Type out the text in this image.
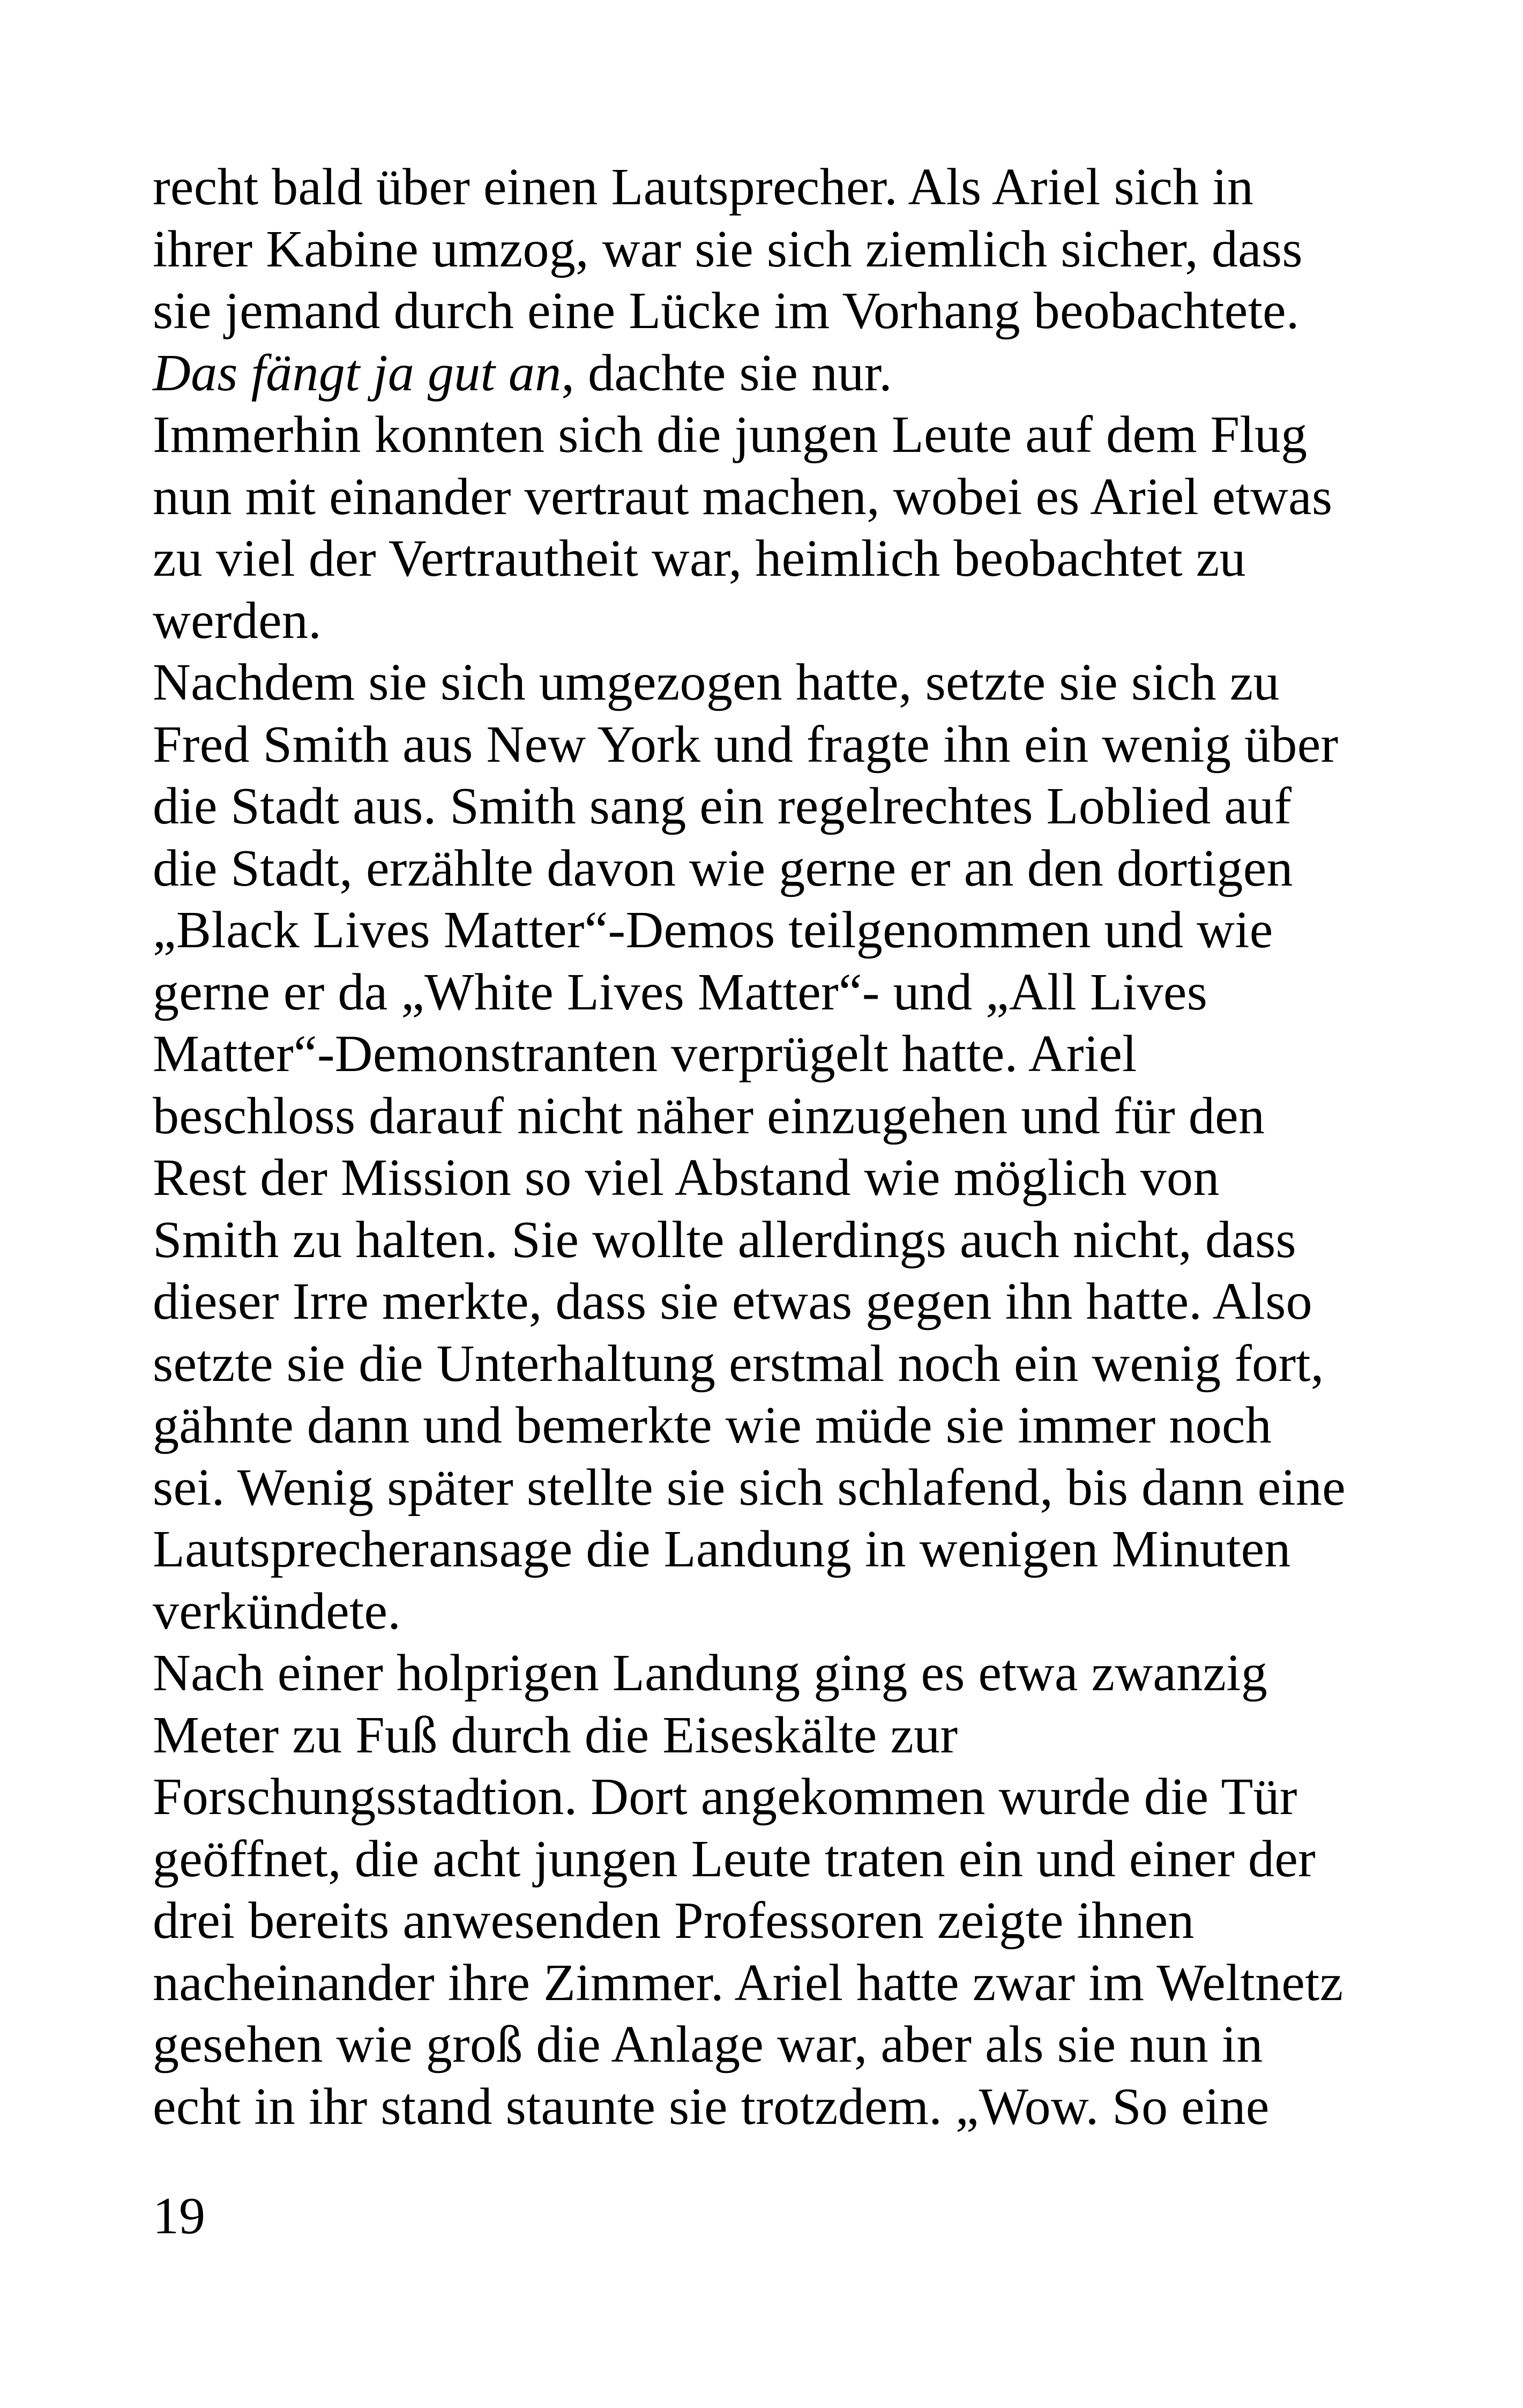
recht bald über einen Lautsprecher. Als Ariel sich in
ihrer Kabine umzog, war sie sich ziemlich sicher, dass
sie jemand durch eine Lücke im Vorhang beobachtete.
Das fängt ja gut an, dachte sie nur.
Immerhin konnten sich die jungen Leute auf dem Flug
nun mit einander vertraut machen, wobei es Ariel etwas
zu viel der Vertrautheit war, heimlich beobachtet zu
werden.
Nachdem sie sich umgezogen hatte, setzte sie sich zu
Fred Smith aus New York und fragte ihn ein wenig über
die Stadt aus. Smith sang ein regelrechtes Loblied auf
die Stadt, erzählte davon wie gerne er an den dortigen
„Black Lives Matter“-Demos teilgenommen und wie
gerne er da „White Lives Matter“- und „All Lives
Matter“-Demonstranten verprügelt hatte. Ariel
beschloss darauf nicht näher einzugehen und für den
Rest der Mission so viel Abstand wie möglich von
Smith zu halten. Sie wollte allerdings auch nicht, dass
dieser Irre merkte, dass sie etwas gegen ihn hatte. Also
setzte sie die Unterhaltung erstmal noch ein wenig fort,
gähnte dann und bemerkte wie müde sie immer noch
sei. Wenig später stellte sie sich schlafend, bis dann eine
Lautsprecheransage die Landung in wenigen Minuten
verkündete.
Nach einer holprigen Landung ging es etwa zwanzig
Meter zu Fuß durch die Eiseskälte zur
Forschungsstadtion. Dort angekommen wurde die Tür
geöffnet, die acht jungen Leute traten ein und einer der
drei bereits anwesenden Professoren zeigte ihnen
nacheinander ihre Zimmer. Ariel hatte zwar im Weltnetz
gesehen wie groß die Anlage war, aber als sie nun in
echt in ihr stand staunte sie trotzdem. „Wow. So eine
19
